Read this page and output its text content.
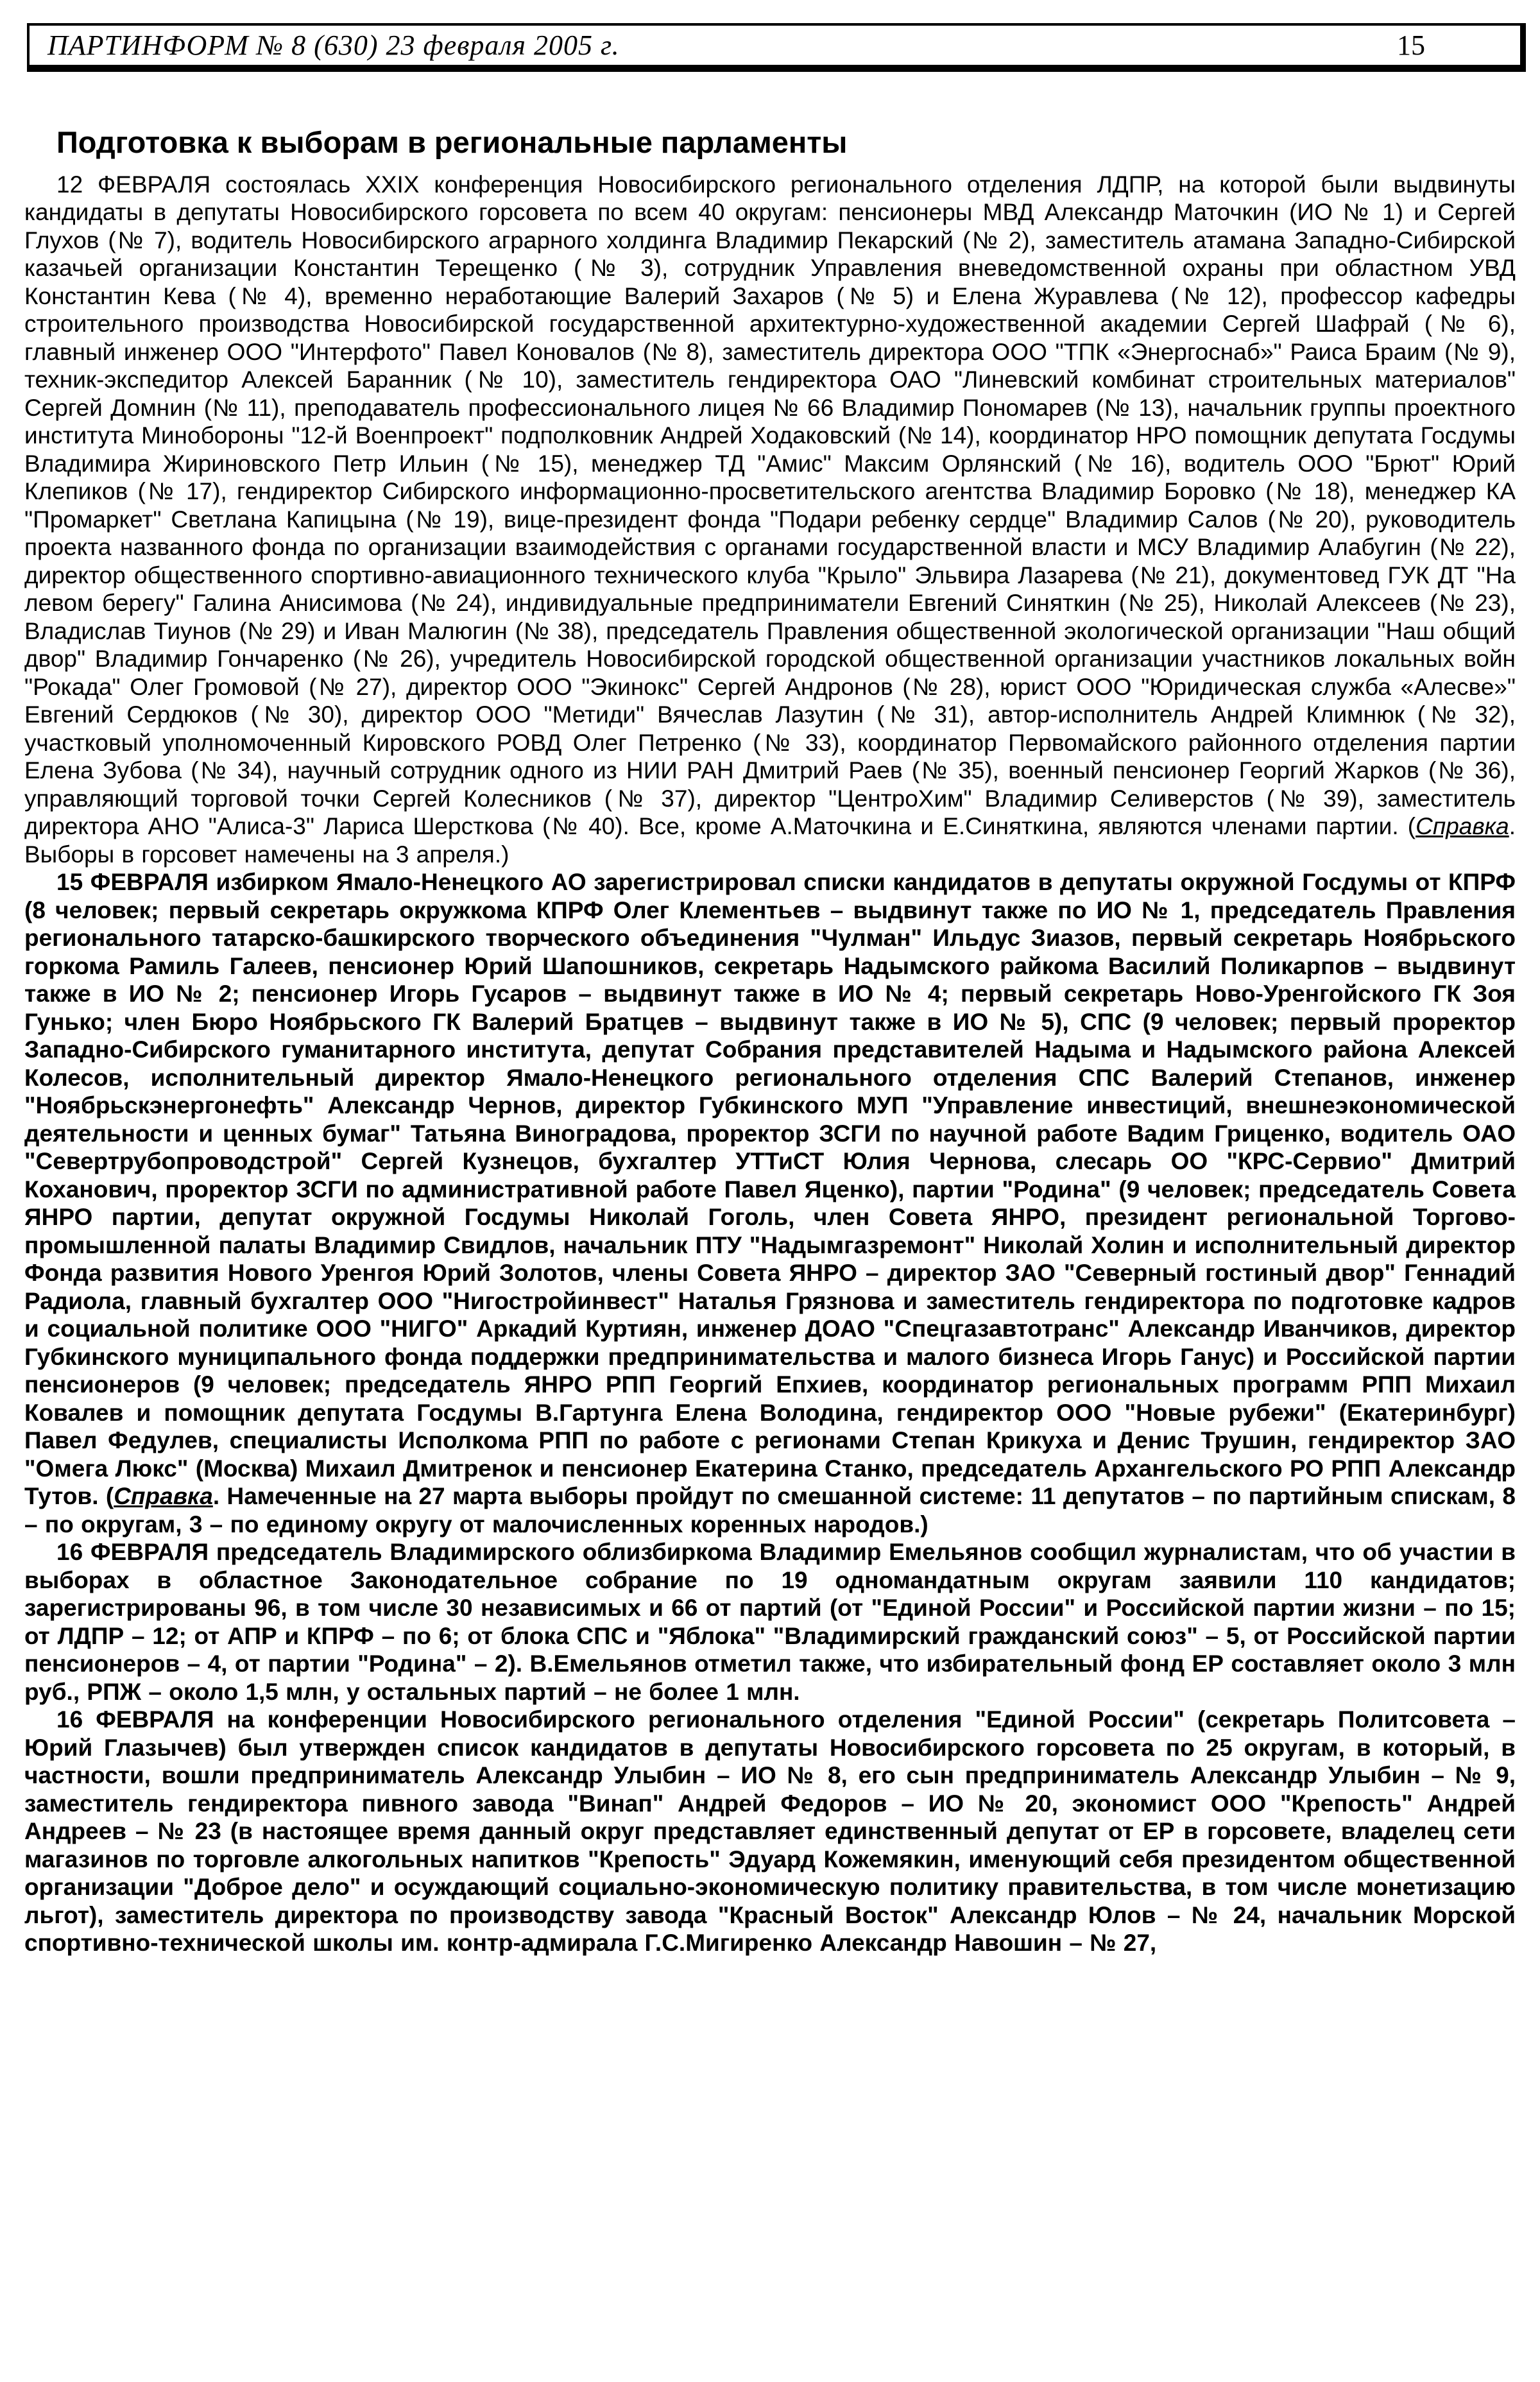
ПАРТИНФОРМ № 8 (630) 23 февраля 2005 г.	15
Подготовка к выборам в региональные парламенты

12 ФЕВРАЛЯ состоялась XXIX конференция Новосибирского регионального отделения ЛДПР, на которой были выдвинуты кандидаты в депутаты Новосибирского горсовета по всем 40 округам: пенсионеры МВД Александр Маточкин (ИО № 1) и Сергей Глухов (№ 7), водитель Новосибирского аграрного холдинга Владимир Пекарский (№ 2), заместитель атамана Западно-Сибирской казачьей организации Константин Терещенко (№ 3), сотрудник Управления вневедомственной охраны при областном УВД Константин Кева (№ 4), временно неработающие Валерий Захаров (№ 5) и Елена Журавлева (№ 12), профессор кафедры строительного производства Новосибирской государственной архитектурно-художественной академии Сергей Шафрай (№ 6), главный инженер ООО "Интерфото" Павел Коновалов (№ 8), заместитель директора ООО "ТПК «Энергоснаб»" Раиса Браим (№ 9), техник-экспедитор Алексей Баранник (№ 10), заместитель гендиректора ОАО "Линевский комбинат строительных материалов" Сергей Домнин (№ 11), преподаватель профессионального лицея № 66 Владимир Пономарев (№ 13), начальник группы проектного института Минобороны "12-й Военпроект" подполковник Андрей Ходаковский (№ 14), координатор НРО помощник депутата Госдумы Владимира Жириновского Петр Ильин (№ 15), менеджер ТД "Амис" Максим Орлянский (№ 16), водитель ООО "Брют" Юрий Клепиков (№ 17), гендиректор Сибирского информационно-просветительского агентства Владимир Боровко (№ 18), менеджер КА "Промаркет" Светлана Капицына (№ 19), вице-президент фонда "Подари ребенку сердце" Владимир Салов (№ 20), руководитель проекта названного фонда по организации взаимодействия с органами государственной власти и МСУ Владимир Алабугин (№ 22), директор общественного спортивно-авиационного технического клуба "Крыло" Эльвира Лазарева (№ 21), документовед ГУК ДТ "На левом берегу" Галина Анисимова (№ 24), индивидуальные предприниматели Евгений Синяткин (№ 25), Николай Алексеев (№ 23), Владислав Тиунов (№ 29) и Иван Малюгин (№ 38), председатель Правления общественной экологической организации "Наш общий двор" Владимир Гончаренко (№ 26), учредитель Новосибирской городской общественной организации участников локальных войн "Рокада" Олег Громовой (№ 27), директор ООО "Экинокс" Сергей Андронов (№ 28), юрист ООО "Юридическая служба «Алесве»" Евгений Сердюков (№ 30), директор ООО "Метиди" Вячеслав Лазутин (№ 31), автор-исполнитель Андрей Климнюк (№ 32), участковый уполномоченный Кировского РОВД Олег Петренко (№ 33), координатор Первомайского районного отделения партии Елена Зубова (№ 34), научный сотрудник одного из НИИ РАН Дмитрий Раев (№ 35), военный пенсионер Георгий Жарков (№ 36), управляющий торговой точки Сергей Колесников (№ 37), директор "ЦентроХим" Владимир Селиверстов (№ 39), заместитель директора АНО "Алиса-3" Лариса Шерсткова (№ 40). Все, кроме А.Маточкина и Е.Синяткина, являются членами партии. (Справка. Выборы в горсовет намечены на 3 апреля.)

15 ФЕВРАЛЯ избирком Ямало-Ненецкого АО зарегистрировал списки кандидатов в депутаты окружной Госдумы от КПРФ (8 человек; первый секретарь окружкома КПРФ Олег Клементьев – выдвинут также по ИО № 1, председатель Правления регионального татарско-башкирского творческого объединения "Чулман" Ильдус Зиазов, первый секретарь Ноябрьского горкома Рамиль Галеев, пенсионер Юрий Шапошников, секретарь Надымского райкома Василий Поликарпов – выдвинут также в ИО № 2; пенсионер Игорь Гусаров – выдвинут также в ИО № 4; первый секретарь Ново-Уренгойского ГК Зоя Гунько; член Бюро Ноябрьского ГК Валерий Братцев – выдвинут также в ИО № 5), СПС (9 человек; первый проректор Западно-Сибирского гуманитарного института, депутат Собрания представителей Надыма и Надымского района Алексей Колесов, исполнительный директор Ямало-Ненецкого регионального отделения СПС Валерий Степанов, инженер "Ноябрьскэнергонефть" Александр Чернов, директор Губкинского МУП "Управление инвестиций, внешнеэкономической деятельности и ценных бумаг" Татьяна Виноградова, проректор ЗСГИ по научной работе Вадим Гриценко, водитель ОАО "Севертрубопроводстрой" Сергей Кузнецов, бухгалтер УТТиСТ Юлия Чернова, слесарь ОО "КРС-Сервио" Дмитрий Коханович, проректор ЗСГИ по административной работе Павел Яценко), партии "Родина" (9 человек; председатель Совета ЯНРО партии, депутат окружной Госдумы Николай Гоголь, член Совета ЯНРО, президент региональной Торгово-промышленной палаты Владимир Свидлов, начальник ПТУ "Надымгазремонт" Николай Холин и исполнительный директор Фонда развития Нового Уренгоя Юрий Золотов, члены Совета ЯНРО – директор ЗАО "Северный гостиный двор" Геннадий Радиола, главный бухгалтер ООО "Нигостройинвест" Наталья Грязнова и заместитель гендиректора по подготовке кадров и социальной политике ООО "НИГО" Аркадий Куртиян, инженер ДОАО "Спецгазавтотранс" Александр Иванчиков, директор Губкинского муниципального фонда поддержки предпринимательства и малого бизнеса Игорь Ганус) и Российской партии пенсионеров (9 человек; председатель ЯНРО РПП Георгий Епхиев, координатор региональных программ РПП Михаил Ковалев и помощник депутата Госдумы В.Гартунга Елена Володина, гендиректор ООО "Новые рубежи" (Екатеринбург) Павел Федулев, специалисты Исполкома РПП по работе с регионами Степан Крикуха и Денис Трушин, гендиректор ЗАО "Омега Люкс" (Москва) Михаил Дмитренок и пенсионер Екатерина Станко, председатель Архангельского РО РПП Александр Тутов. (Справка. Намеченные на 27 марта выборы пройдут по смешанной системе: 11 депутатов – по партийным спискам, 8 – по округам, 3 – по единому округу от малочисленных коренных народов.)

16 ФЕВРАЛЯ председатель Владимирского облизбиркома Владимир Емельянов сообщил журналистам, что об участии в выборах в областное Законодательное собрание по 19 одномандатным округам заявили 110 кандидатов; зарегистрированы 96, в том числе 30 независимых и 66 от партий (от "Единой России" и Российской партии жизни – по 15; от ЛДПР – 12; от АПР и КПРФ – по 6; от блока СПС и "Яблока" "Владимирский гражданский союз" – 5, от Российской партии пенсионеров – 4, от партии "Родина" – 2). В.Емельянов отметил также, что избирательный фонд ЕР составляет около 3 млн руб., РПЖ – около 1,5 млн, у остальных партий – не более 1 млн.

16 ФЕВРАЛЯ на конференции Новосибирского регионального отделения "Единой России" (секретарь Политсовета – Юрий Глазычев) был утвержден список кандидатов в депутаты Новосибирского горсовета по 25 округам, в который, в частности, вошли предприниматель Александр Улыбин – ИО № 8, его сын предприниматель Александр Улыбин – № 9, заместитель гендиректора пивного завода "Винап" Андрей Федоров – ИО № 20, экономист ООО "Крепость" Андрей Андреев – № 23 (в настоящее время данный округ представляет единственный депутат от ЕР в горсовете, владелец сети магазинов по торговле алкогольных напитков "Крепость" Эдуард Кожемякин, именующий себя президентом общественной организации "Доброе дело" и осуждающий социально-экономическую политику правительства, в том числе монетизацию льгот), заместитель директора по производству завода "Красный Восток" Александр Юлов – № 24, начальник Морской спортивно-технической школы им. контр-адмирала Г.С.Мигиренко Александр Навошин – № 27,
